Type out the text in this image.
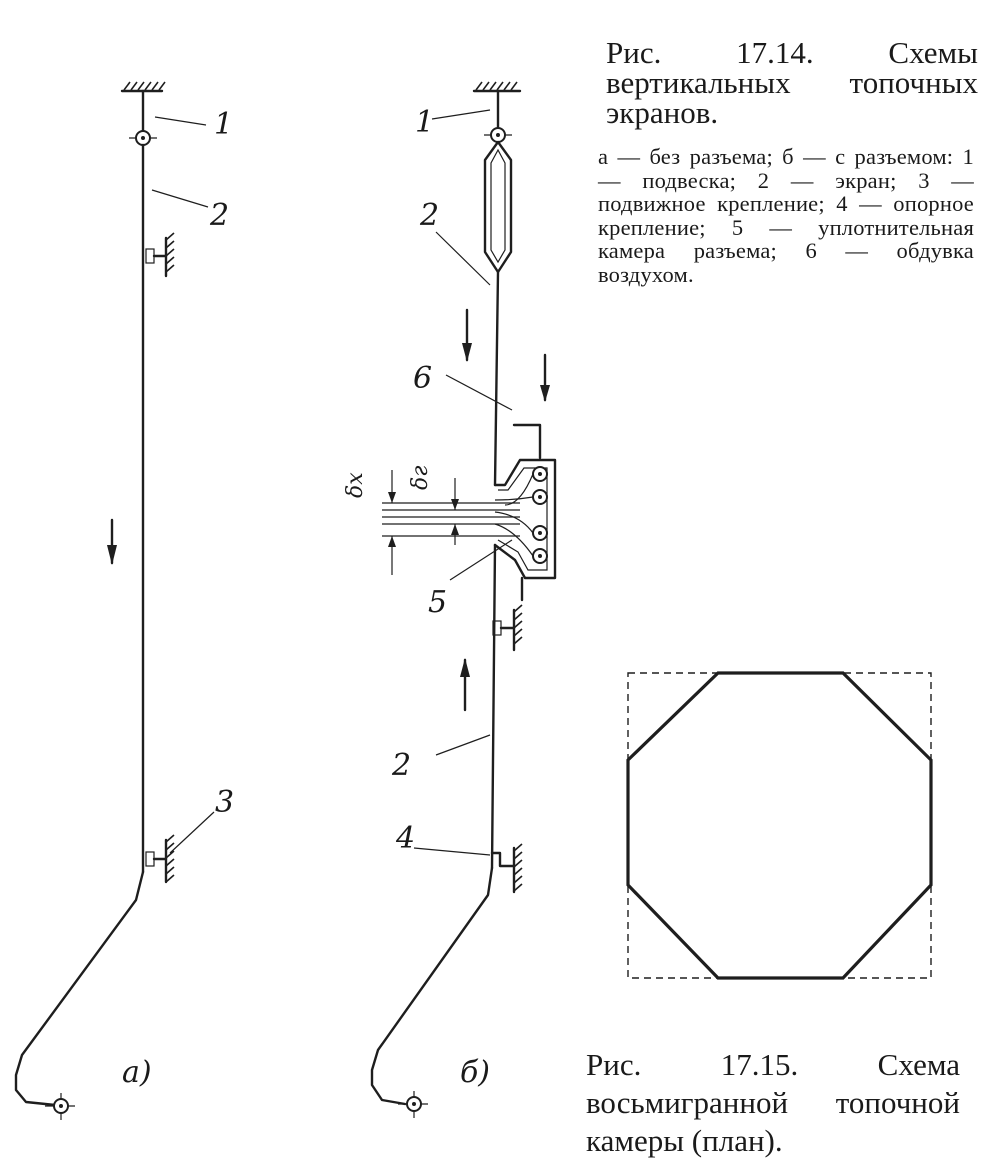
1
2
3
а)
1
2
6
5
2
4
б)
δx δг
Рис. 17.14. Схемы вертикальных топочных экранов.
а — без разъема; б — с разъемом: 1 — подвеска; 2 — экран; 3 — подвижное крепление; 4 — опорное крепление; 5 — уплотнительная камера разъема; 6 — обдувка воздухом.
Рис. 17.15. Схема восьмигранной топочной камеры (план).
